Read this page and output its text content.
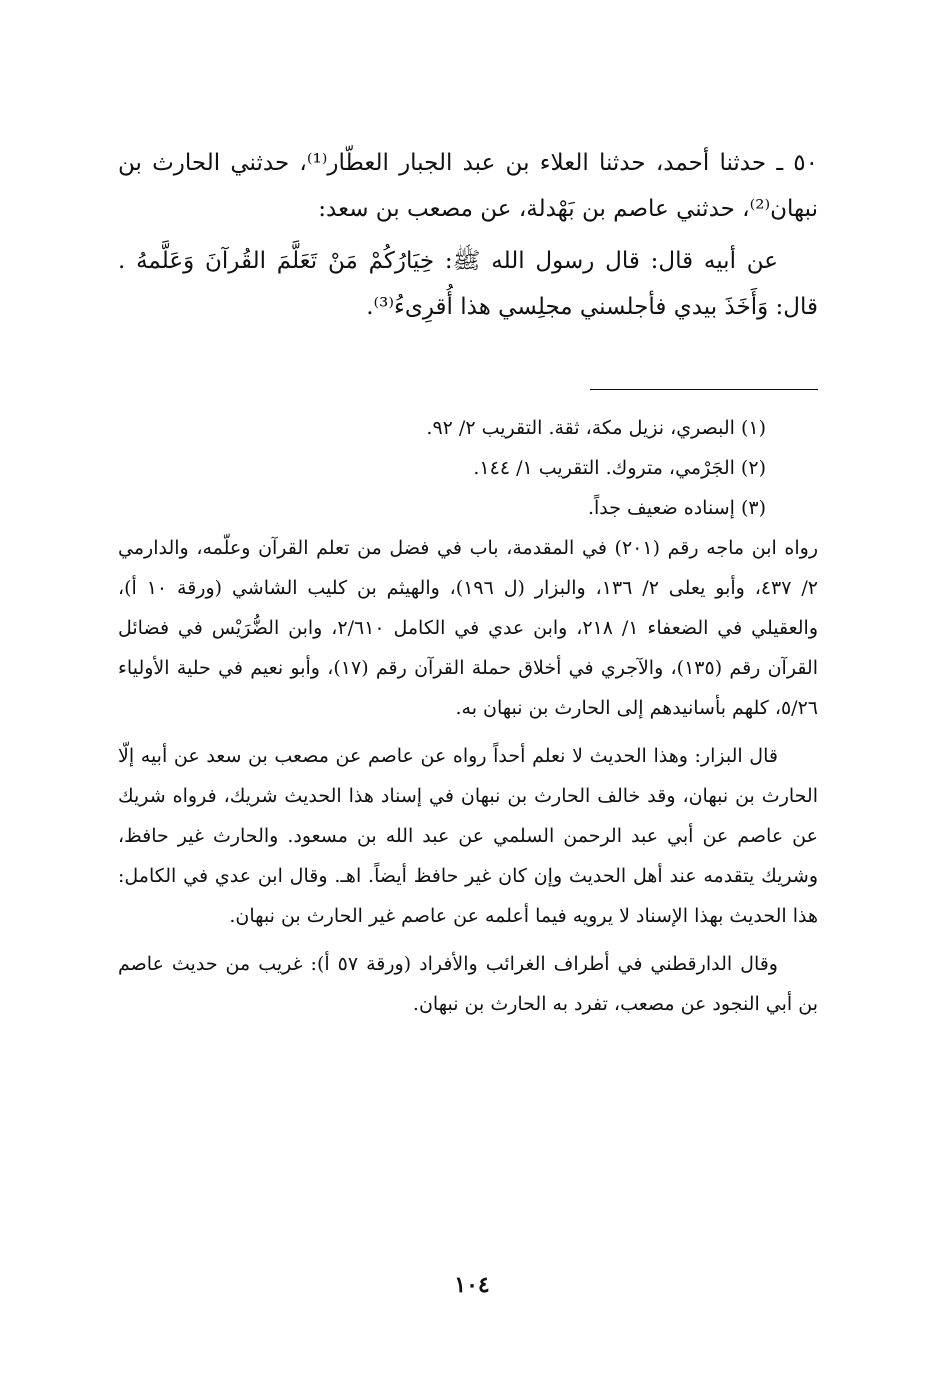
٥٠ ـ حدثنا أحمد، حدثنا العلاء بن عبد الجبار العطّار⁽¹⁾، حدثني الحارث بن نبهان⁽²⁾، حدثني عاصم بن بَهْدلة، عن مصعب بن سعد:

عن أبيه قال: قال رسول الله ﷺ: خِيَارُكُمْ مَنْ تَعَلَّمَ القُرآنَ وَعَلَّمهُ . قال: وَأَخَذَ بيدي فأجلسني مجلِسي هذا أُقرِىءُ⁽³⁾.

(١) البصري، نزيل مكة، ثقة. التقريب ٢/ ٩٢.

(٢) الجَرْمي، متروك. التقريب ١/ ١٤٤.

(٣) إسناده ضعيف جداً.

رواه ابن ماجه رقم (٢٠١) في المقدمة، باب في فضل من تعلم القرآن وعلّمه، والدارمي ٢/ ٤٣٧، وأبو يعلى ٢/ ١٣٦، والبزار (ل ١٩٦)، والهيثم بن كليب الشاشي (ورقة ١٠ أ)، والعقيلي في الضعفاء ١/ ٢١٨، وابن عدي في الكامل ٢/٦١٠، وابن الضُّرَيْس في فضائل القرآن رقم (١٣٥)، والآجري في أخلاق حملة القرآن رقم (١٧)، وأبو نعيم في حلية الأولياء ٥/٢٦، كلهم بأسانيدهم إلى الحارث بن نبهان به.

قال البزار: وهذا الحديث لا نعلم أحداً رواه عن عاصم عن مصعب بن سعد عن أبيه إلّا الحارث بن نبهان، وقد خالف الحارث بن نبهان في إسناد هذا الحديث شريك، فرواه شريك عن عاصم عن أبي عبد الرحمن السلمي عن عبد الله بن مسعود. والحارث غير حافظ، وشريك يتقدمه عند أهل الحديث وإن كان غير حافظ أيضاً. اهـ. وقال ابن عدي في الكامل: هذا الحديث بهذا الإسناد لا يرويه فيما أعلمه عن عاصم غير الحارث بن نبهان.

وقال الدارقطني في أطراف الغرائب والأفراد (ورقة ٥٧ أ): غريب من حديث عاصم بن أبي النجود عن مصعب، تفرد به الحارث بن نبهان.

١٠٤
